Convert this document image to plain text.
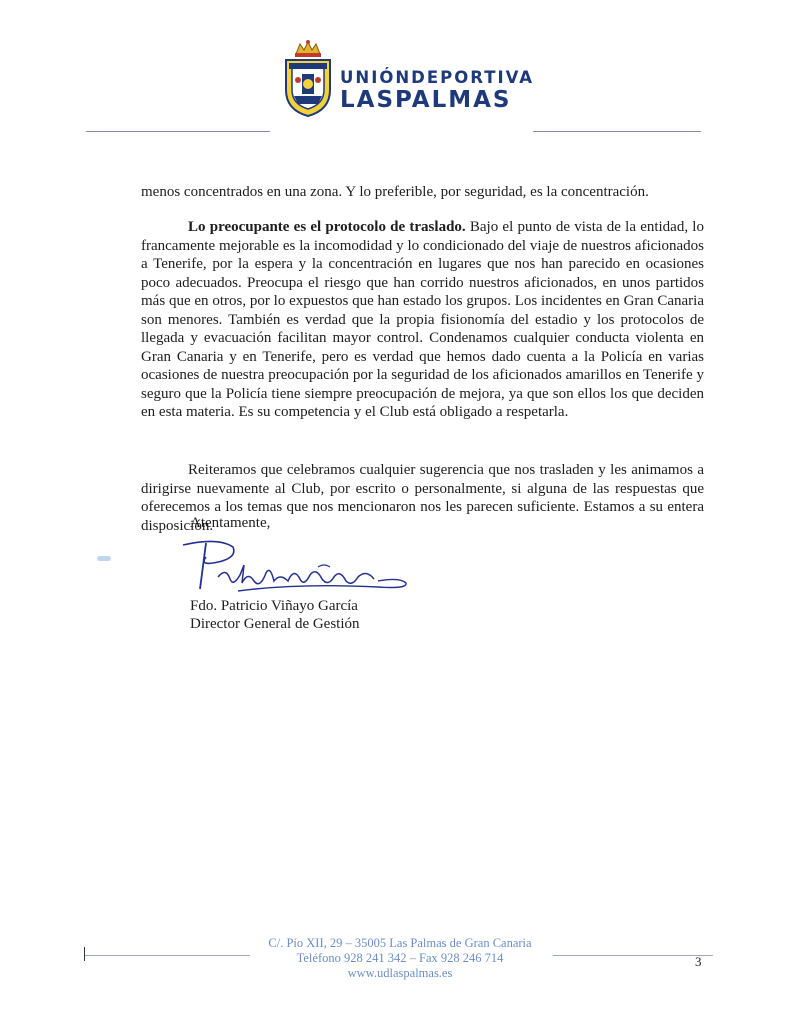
UNIÓNDEPORTIVA
LASPALMAS

menos concentrados en una zona. Y lo preferible, por seguridad, es la concentración.

Lo preocupante es el protocolo de traslado. Bajo el punto de vista de la entidad, lo francamente mejorable es la incomodidad y lo condicionado del viaje de nuestros aficionados a Tenerife, por la espera y la concentración en lugares que nos han parecido en ocasiones poco adecuados. Preocupa el riesgo que han corrido nuestros aficionados, en unos partidos más que en otros, por lo expuestos que han estado los grupos. Los incidentes en Gran Canaria son menores. También es verdad que la propia fisionomía del estadio y los protocolos de llegada y evacuación facilitan mayor control. Condenamos cualquier conducta violenta en Gran Canaria y en Tenerife, pero es verdad que hemos dado cuenta a la Policía en varias ocasiones de nuestra preocupación por la seguridad de los aficionados amarillos en Tenerife y seguro que la Policía tiene siempre preocupación de mejora, ya que son ellos los que deciden en esta materia. Es su competencia y el Club está obligado a respetarla.

Reiteramos que celebramos cualquier sugerencia que nos trasladen y les animamos a dirigirse nuevamente al Club, por escrito o personalmente, si alguna de las respuestas que oferecemos a los temas que nos mencionaron nos les parecen suficiente. Estamos a su entera disposición.

Atentamente,
Fdo. Patricio Viñayo García
Director General de Gestión
C/. Pío XII, 29 – 35005 Las Palmas de Gran Canaria
Teléfono 928 241 342 – Fax 928 246 714
www.udlaspalmas.es
3
